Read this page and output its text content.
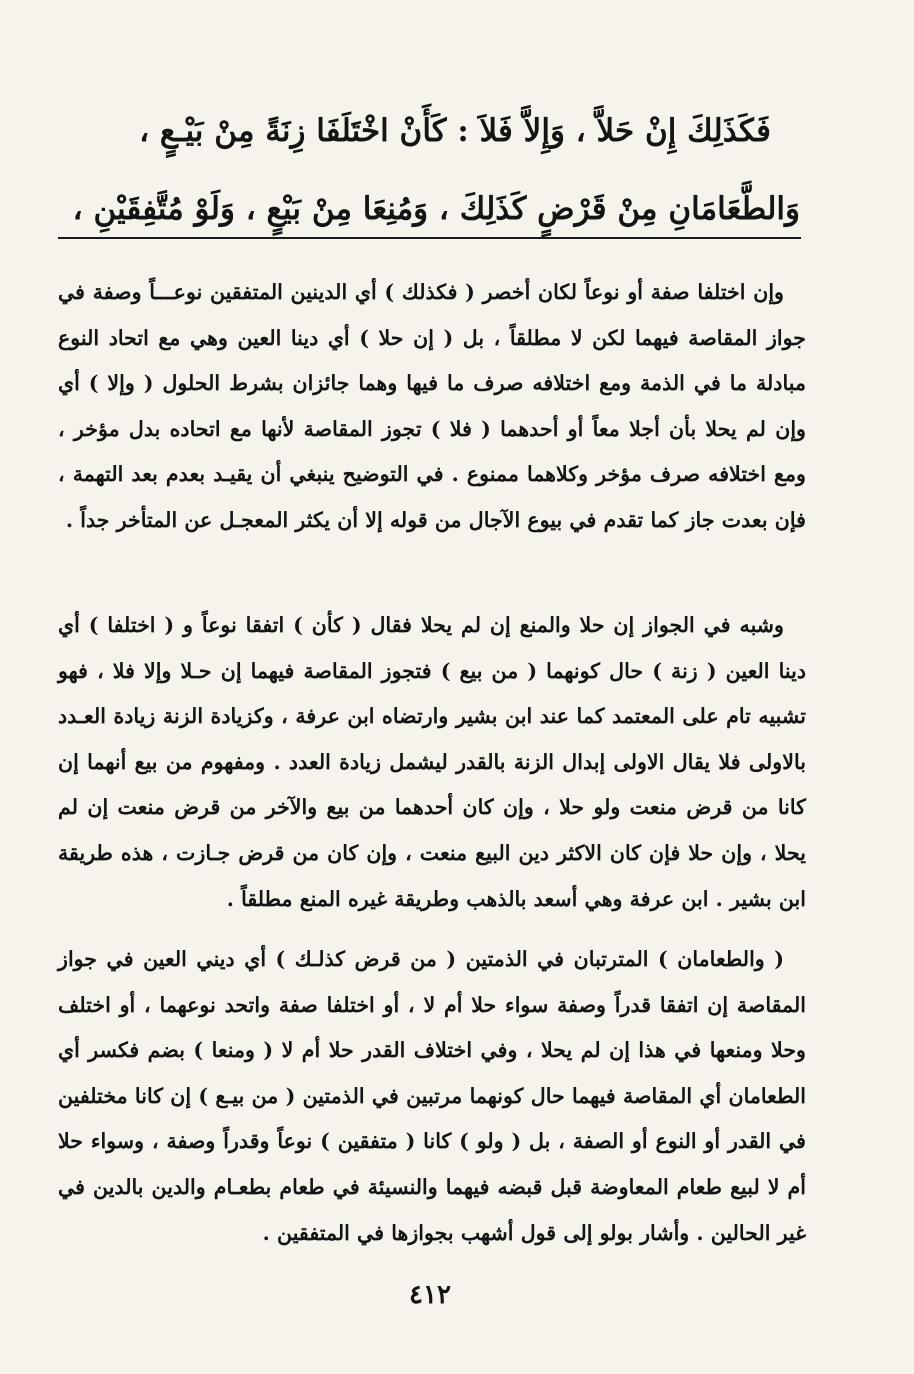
فَكَذَلِكَ إِنْ حَلاَّ ، وَإِلاَّ فَلاَ : كَأَنْ اخْتَلَفَا زِنَةً مِنْ بَيْـعٍ ،
وَالطَّعَامَانِ مِنْ قَرْضٍ كَذَلِكَ ، وَمُنِعَا مِنْ بَيْعٍ ، وَلَوْ مُتَّفِقَيْنِ ،

وإن اختلفا صفة أو نوعاً لكان أخصر ( فكذلك ) أي الدينين المتفقين نوعـــاً وصفة في جواز المقاصة فيهما لكن لا مطلقاً ، بل ( إن حلا ) أي دينا العين وهي مع اتحاد النوع مبادلة ما في الذمة ومع اختلافه صرف ما فيها وهما جائزان بشرط الحلول ( وإلا ) أي وإن لم يحلا بأن أجلا معاً أو أحدهما ( فلا ) تجوز المقاصة لأنها مع اتحاده بدل مؤخر ، ومع اختلافه صرف مؤخر وكلاهما ممنوع . في التوضيح ينبغي أن يقيـد بعدم بعد التهمة ، فإن بعدت جاز كما تقدم في بيوع الآجال من قوله إلا أن يكثر المعجـل عن المتأخر جداً .

وشبه في الجواز إن حلا والمنع إن لم يحلا فقال ( كأن ) اتفقا نوعاً و ( اختلفا ) أي دينا العين ( زنة ) حال كونهما ( من بيع ) فتجوز المقاصة فيهما إن حـلا وإلا فلا ، فهو تشبيه تام على المعتمد كما عند ابن بشير وارتضاه ابن عرفة ، وكزيادة الزنة زيادة العـدد بالاولى فلا يقال الاولى إبدال الزنة بالقدر ليشمل زيادة العدد . ومفهوم من بيع أنهما إن كانا من قرض منعت ولو حلا ، وإن كان أحدهما من بيع والآخر من قرض منعت إن لم يحلا ، وإن حلا فإن كان الاكثر دين البيع منعت ، وإن كان من قرض جـازت ، هذه طريقة ابن بشير . ابن عرفة وهي أسعد بالذهب وطريقة غيره المنع مطلقاً .

( والطعامان ) المترتبان في الذمتين ( من قرض كذلـك ) أي ديني العين في جواز المقاصة إن اتفقا قدراً وصفة سواء حلا أم لا ، أو اختلفا صفة واتحد نوعهما ، أو اختلف وحلا ومنعها في هذا إن لم يحلا ، وفي اختلاف القدر حلا أم لا ( ومنعا ) بضم فكسر أي الطعامان أي المقاصة فيهما حال كونهما مرتبين في الذمتين ( من بيـع ) إن كانا مختلفين في القدر أو النوع أو الصفة ، بل ( ولو ) كانا ( متفقين ) نوعاً وقدراً وصفة ، وسواء حلا أم لا لبيع طعام المعاوضة قبل قبضه فيهما والنسيئة في طعام بطعـام والدين بالدين في غير الحالين . وأشار بولو إلى قول أشهب بجوازها في المتفقين .

٤١٢
